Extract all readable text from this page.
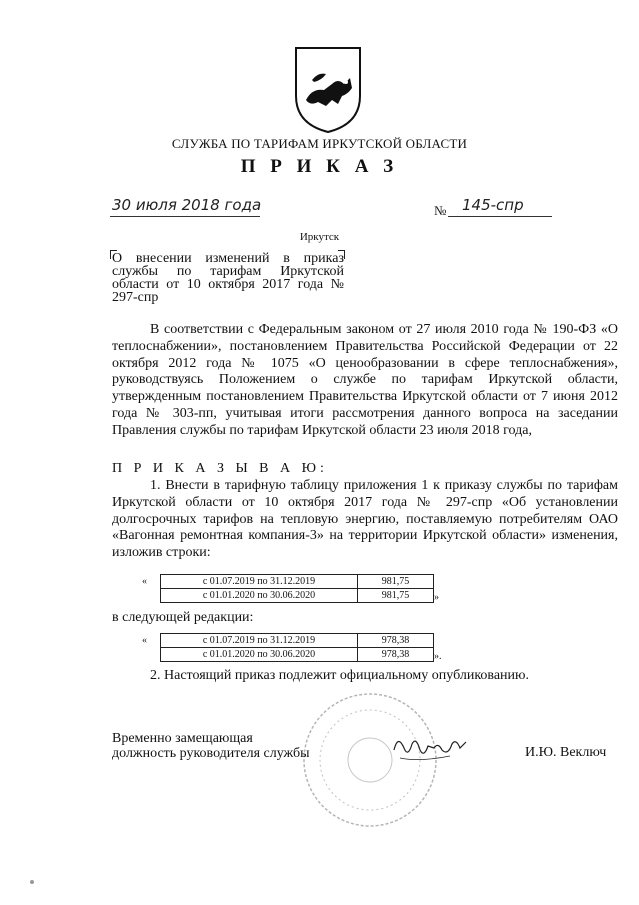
СЛУЖБА ПО ТАРИФАМ ИРКУТСКОЙ ОБЛАСТИ
П Р И К А З
30 июля 2018 года	№ 145-спр
Иркутск
О внесении изменений в приказ службы по тарифам Иркутской области от 10 октября 2017 года № 297-спр
В соответствии с Федеральным законом от 27 июля 2010 года № 190-ФЗ «О теплоснабжении», постановлением Правительства Российской Федерации от 22 октября 2012 года № 1075 «О ценообразовании в сфере теплоснабжения», руководствуясь Положением о службе по тарифам Иркутской области, утвержденным постановлением Правительства Иркутской области от 7 июня 2012 года № 303-пп, учитывая итоги рассмотрения данного вопроса на заседании Правления службы по тарифам Иркутской области 23 июля 2018 года,
П Р И К А З Ы В А Ю:
1. Внести в тарифную таблицу приложения 1 к приказу службы по тарифам Иркутской области от 10 октября 2017 года № 297-спр «Об установлении долгосрочных тарифов на тепловую энергию, поставляемую потребителям ОАО «Вагонная ремонтная компания-3» на территории Иркутской области» изменения, изложив строки:
«	с 01.07.2019 по 31.12.2019	981,75
с 01.01.2020 по 30.06.2020	981,75 »
в следующей редакции:
«	с 01.07.2019 по 31.12.2019	978,38
с 01.01.2020 по 30.06.2020	978,38 ».
2. Настоящий приказ подлежит официальному опубликованию.
Временно замещающая
должность руководителя службы	И.Ю. Веключ
